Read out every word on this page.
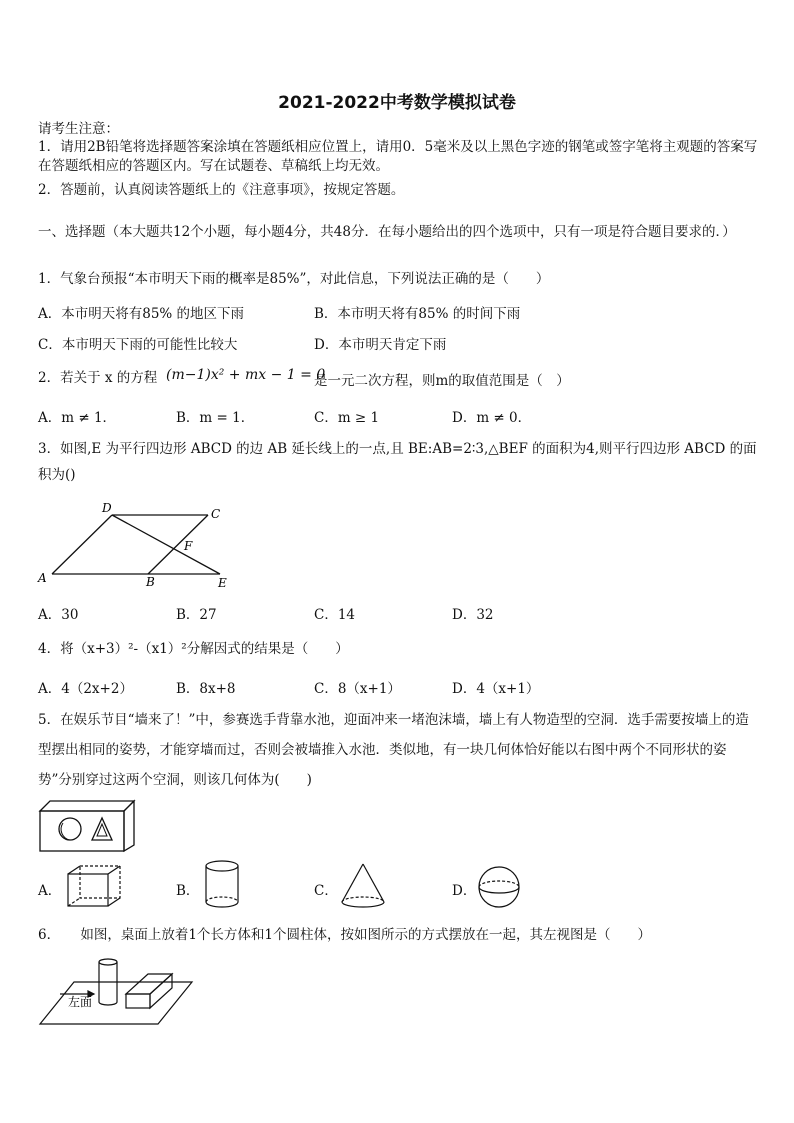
2021-2022中考数学模拟试卷
请考生注意：
1．请用2B铅笔将选择题答案涂填在答题纸相应位置上，请用0．5毫米及以上黑色字迹的钢笔或签字笔将主观题的答案写在答题纸相应的答题区内。写在试题卷、草稿纸上均无效。
2．答题前，认真阅读答题纸上的《注意事项》，按规定答题。
一、选择题（本大题共12个小题，每小题4分，共48分．在每小题给出的四个选项中，只有一项是符合题目要求的．）
1．气象台预报“本市明天下雨的概率是85%”，对此信息，下列说法正确的是（　　）
A．本市明天将有85% 的地区下雨	B．本市明天将有85% 的时间下雨
C．本市明天下雨的可能性比较大	D．本市明天肯定下雨
2．若关于 x 的方程 (m−1)x² + mx − 1 = 0
是一元二次方程，则m的取值范围是（　）
A．m ≠ 1．	B．m = 1．	C．m ≥ 1	D．m ≠ 0．
3．如图,E 为平行四边形 ABCD 的边 AB 延长线上的一点,且 BE:AB=2∶3,△BEF 的面积为4,则平行四边形 ABCD 的面积为()
D	C
F
A	B	E
A．30	B．27	C．14	D．32
4．将（x+3）²-（x1）²分解因式的结果是（　　）
A．4（2x+2）	B．8x+8	C．8（x+1）	D．4（x+1）
5．在娱乐节目“墙来了！”中，参赛选手背靠水池，迎面冲来一堵泡沫墙，墙上有人物造型的空洞．选手需要按墙上的造型摆出相同的姿势，才能穿墙而过，否则会被墙推入水池．类似地，有一块几何体恰好能以右图中两个不同形状的姿势”分别穿过这两个空洞，则该几何体为(　　)
A．	B．	C．	D．
6．　　如图，桌面上放着1个长方体和1个圆柱体，按如图所示的方式摆放在一起，其左视图是（　　）
左面
